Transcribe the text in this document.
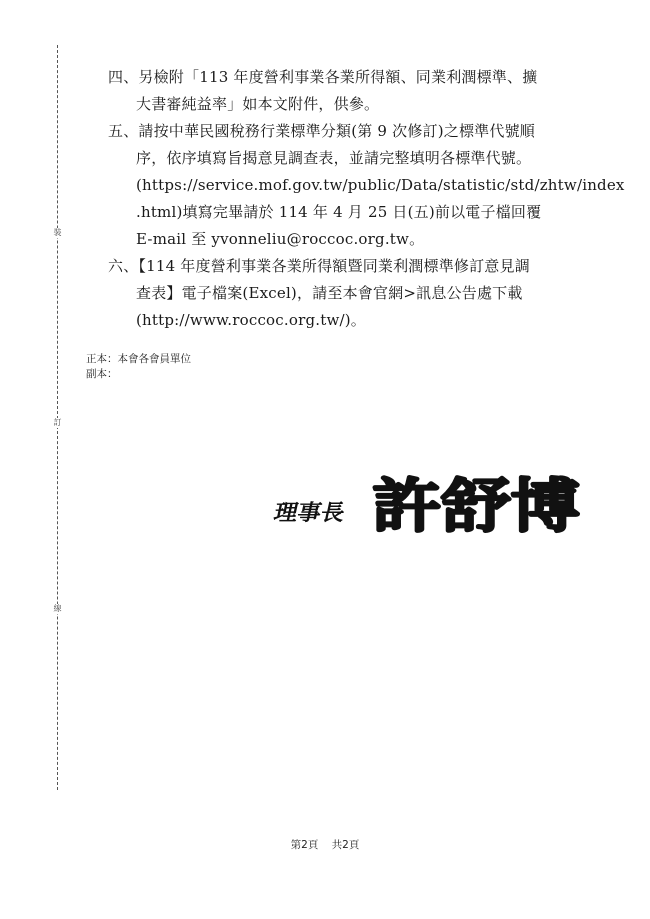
裝
訂
線
四、另檢附「113 年度營利事業各業所得額、同業利潤標準、擴
大書審純益率」如本文附件，供參。
五、請按中華民國稅務行業標準分類(第 9 次修訂)之標準代號順
序，依序填寫旨揭意見調查表，並請完整填明各標準代號。
(https://service.mof.gov.tw/public/Data/statistic/std/zhtw/index
.html)填寫完畢請於 114 年 4 月 25 日(五)前以電子檔回覆
E-mail 至 yvonneliu@roccoc.org.tw。
六、【114 年度營利事業各業所得額暨同業利潤標準修訂意見調
查表】電子檔案(Excel)，請至本會官網>訊息公告處下載
(http://www.roccoc.org.tw/)。
正本：本會各會員單位
副本：
理事長 許舒博
第2頁 共2頁
